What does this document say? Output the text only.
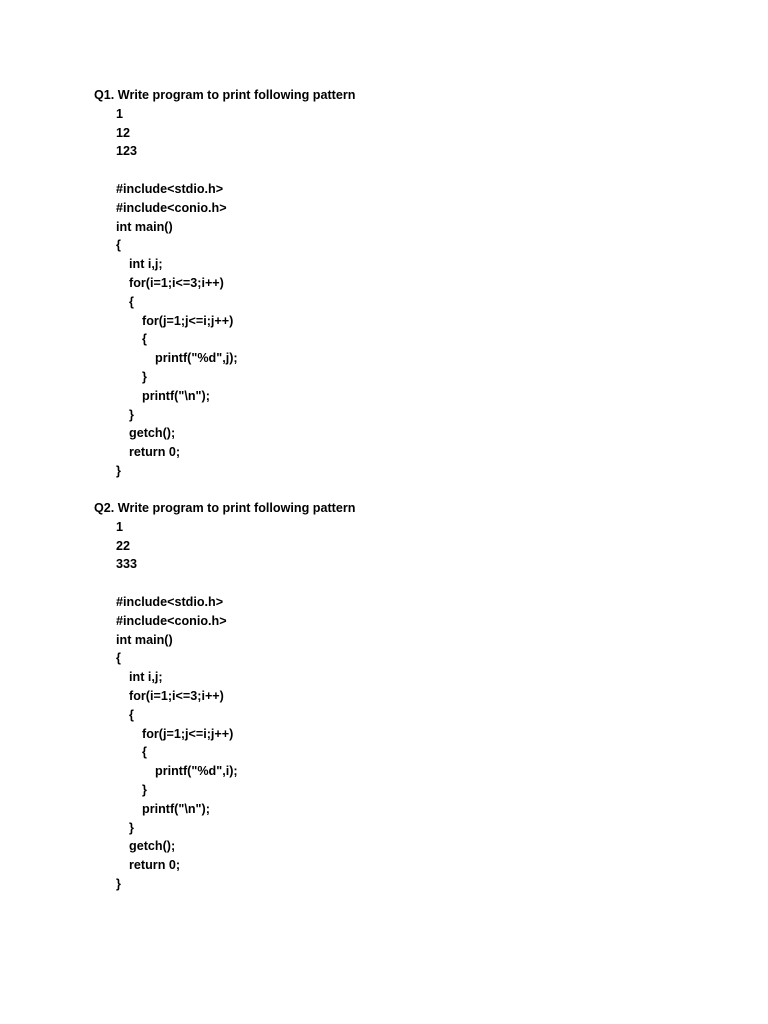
Q1. Write program to print following pattern
1
12
123
#include<stdio.h>
#include<conio.h>
int main()
{
int i,j;
for(i=1;i<=3;i++)
{
for(j=1;j<=i;j++)
{
printf("%d",j);
}
printf("\n");
}
getch();
return 0;
}
Q2. Write program to print following pattern
1
22
333
#include<stdio.h>
#include<conio.h>
int main()
{
int i,j;
for(i=1;i<=3;i++)
{
for(j=1;j<=i;j++)
{
printf("%d",i);
}
printf("\n");
}
getch();
return 0;
}
